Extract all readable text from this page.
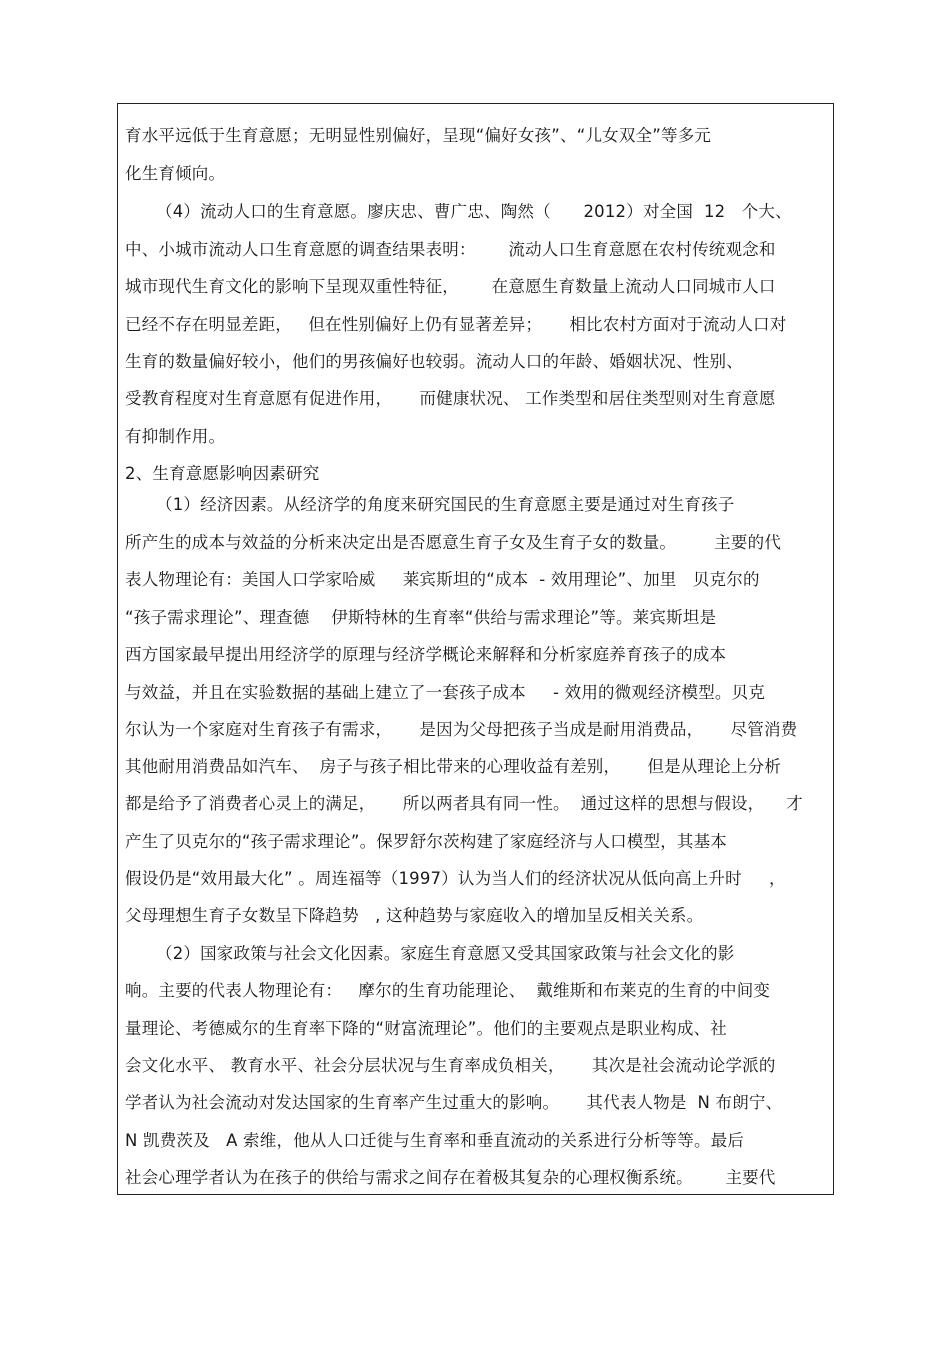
育水平远低于生育意愿；无明显性别偏好，呈现“偏好女孩”、“儿女双全”等多元
化生育倾向。
（4）流动人口的生育意愿。廖庆忠、曹广忠、陶然（      2012）对全国  12   个大、
中、小城市流动人口生育意愿的调查结果表明：      流动人口生育意愿在农村传统观念和
城市现代生育文化的影响下呈现双重性特征，      在意愿生育数量上流动人口同城市人口
已经不存在明显差距，   但在性别偏好上仍有显著差异；     相比农村方面对于流动人口对
生育的数量偏好较小，他们的男孩偏好也较弱。流动人口的年龄、婚姻状况、性别、
受教育程度对生育意愿有促进作用，     而健康状况、 工作类型和居住类型则对生育意愿
有抑制作用。
2、生育意愿影响因素研究
（1）经济因素。从经济学的角度来研究国民的生育意愿主要是通过对生育孩子
所产生的成本与效益的分析来决定出是否愿意生育子女及生育子女的数量。       主要的代
表人物理论有：美国人口学家哈威     莱宾斯坦的“成本  - 效用理论”、加里   贝克尔的
“孩子需求理论”、理查德    伊斯特林的生育率“供给与需求理论”等。莱宾斯坦是
西方国家最早提出用经济学的原理与经济学概论来解释和分析家庭养育孩子的成本
与效益，并且在实验数据的基础上建立了一套孩子成本     - 效用的微观经济模型。贝克
尔认为一个家庭对生育孩子有需求，     是因为父母把孩子当成是耐用消费品，     尽管消费
其他耐用消费品如汽车、  房子与孩子相比带来的心理收益有差别，     但是从理论上分析
都是给予了消费者心灵上的满足，     所以两者具有同一性。  通过这样的思想与假设，    才
产生了贝克尔的“孩子需求理论”。保罗舒尔茨构建了家庭经济与人口模型，其基本
假设仍是“效用最大化” 。周连福等（1997）认为当人们的经济状况从低向高上升时     ，
父母理想生育子女数呈下降趋势   , 这种趋势与家庭收入的增加呈反相关关系。
（2）国家政策与社会文化因素。家庭生育意愿又受其国家政策与社会文化的影
响。主要的代表人物理论有：   摩尔的生育功能理论、  戴维斯和布莱克的生育的中间变
量理论、考德威尔的生育率下降的“财富流理论”。他们的主要观点是职业构成、社
会文化水平、 教育水平、社会分层状况与生育率成负相关，     其次是社会流动论学派的
学者认为社会流动对发达国家的生育率产生过重大的影响。     其代表人物是  N 布朗宁、
N 凯费茨及   A 索维，他从人口迁徙与生育率和垂直流动的关系进行分析等等。最后
社会心理学者认为在孩子的供给与需求之间存在着极其复杂的心理权衡系统。      主要代
